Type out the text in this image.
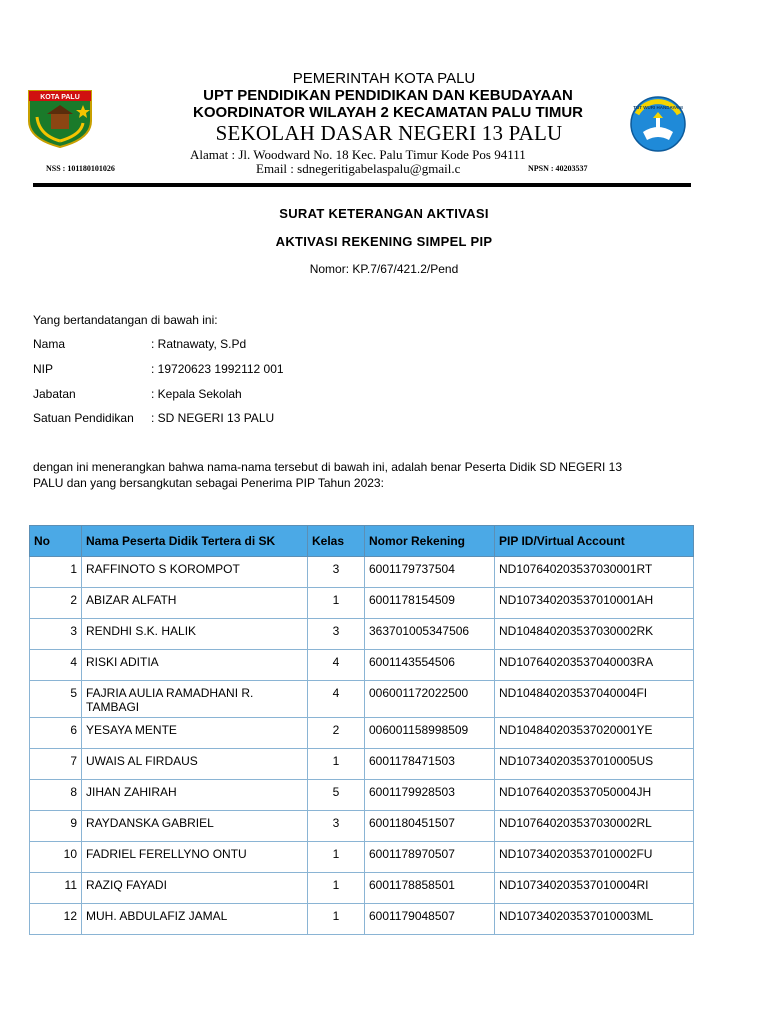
KOTA PALU
TUT WURI HANDAYANI
PEMERINTAH KOTA PALU
UPT PENDIDIKAN PENDIDIKAN DAN KEBUDAYAAN
KOORDINATOR WILAYAH 2 KECAMATAN PALU TIMUR
SEKOLAH DASAR NEGERI 13 PALU
Alamat : Jl. Woodward No. 18 Kec. Palu Timur Kode Pos 94111
Email : sdnegeritigabelaspalu@gmail.c
NSS : 101180101026	NPSN : 40203537
SURAT KETERANGAN AKTIVASI
AKTIVASI REKENING SIMPEL PIP
Nomor: KP.7/67/421.2/Pend
Yang bertandatangan di bawah ini:
Nama	: Ratnawaty, S.Pd
NIP	: 19720623 1992112 001
Jabatan	: Kepala Sekolah
Satuan Pendidikan : SD NEGERI 13 PALU
dengan ini menerangkan bahwa nama-nama tersebut di bawah ini, adalah benar Peserta Didik SD NEGERI 13
PALU dan yang bersangkutan sebagai Penerima PIP Tahun 2023:
No	Nama Peserta Didik Tertera di SK	Kelas	Nomor Rekening	PIP ID/Virtual Account
1	RAFFINOTO S KOROMPOT	3	6001179737504	ND107640203537030001RT
2	ABIZAR ALFATH	1	6001178154509	ND107340203537010001AH
3	RENDHI S.K. HALIK	3	363701005347506	ND104840203537030002RK
4	RISKI ADITIA	4	6001143554506	ND107640203537040003RA
5	FAJRIA AULIA RAMADHANI R. TAMBAGI	4	006001172022500	ND104840203537040004FI
6	YESAYA MENTE	2	006001158998509	ND104840203537020001YE
7	UWAIS AL FIRDAUS	1	6001178471503	ND107340203537010005US
8	JIHAN ZAHIRAH	5	6001179928503	ND107640203537050004JH
9	RAYDANSKA GABRIEL	3	6001180451507	ND107640203537030002RL
10	FADRIEL FERELLYNO ONTU	1	6001178970507	ND107340203537010002FU
11	RAZIQ FAYADI	1	6001178858501	ND107340203537010004RI
12	MUH. ABDULAFIZ JAMAL	1	6001179048507	ND107340203537010003ML
